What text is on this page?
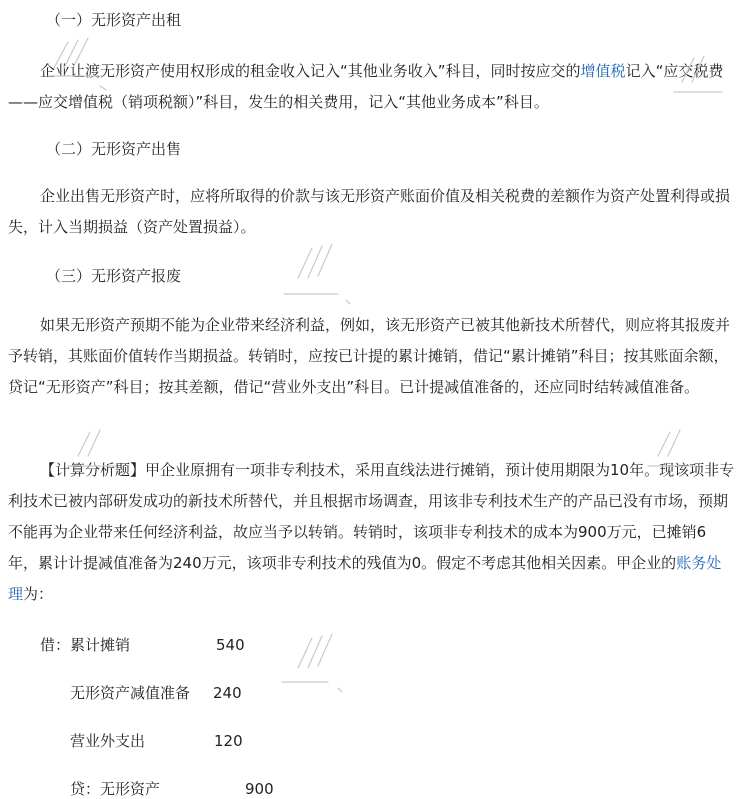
（一）无形资产出租

企业让渡无形资产使用权形成的租金收入记入“其他业务收入”科目，同时按应交的增值税记入“应交税费——应交增值税（销项税额）”科目，发生的相关费用，记入“其他业务成本”科目。

（二）无形资产出售

企业出售无形资产时，应将所取得的价款与该无形资产账面价值及相关税费的差额作为资产处置利得或损失，计入当期损益（资产处置损益）。

（三）无形资产报废

如果无形资产预期不能为企业带来经济利益，例如，该无形资产已被其他新技术所替代，则应将其报废并予转销，其账面价值转作当期损益。转销时，应按已计提的累计摊销，借记“累计摊销”科目；按其账面余额，贷记“无形资产”科目；按其差额，借记“营业外支出”科目。已计提减值准备的，还应同时结转减值准备。

【计算分析题】甲企业原拥有一项非专利技术，采用直线法进行摊销，预计使用期限为10年。现该项非专利技术已被内部研发成功的新技术所替代，并且根据市场调查，用该非专利技术生产的产品已没有市场，预期不能再为企业带来任何经济利益，故应当予以转销。转销时，该项非专利技术的成本为900万元，已摊销6年，累计计提减值准备为240万元，该项非专利技术的残值为0。假定不考虑其他相关因素。甲企业的账务处理为：

借：累计摊销	540
无形资产减值准备 240
营业外支出	120
贷：无形资产	900
